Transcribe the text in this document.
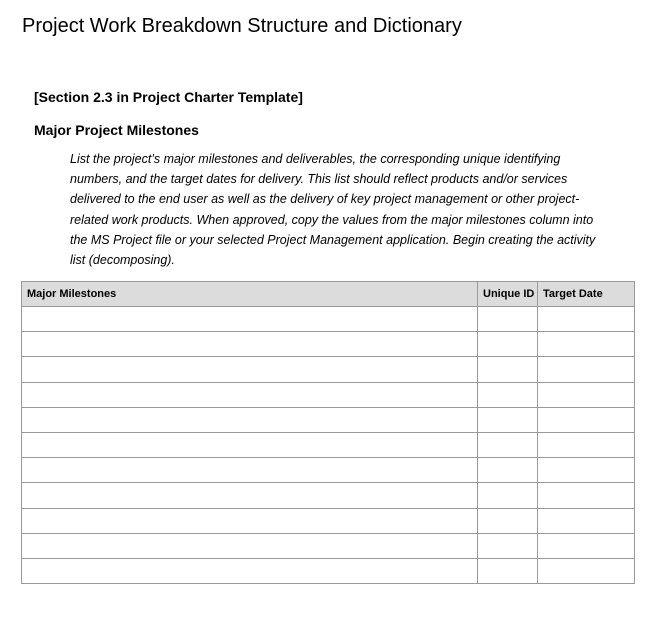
Project Work Breakdown Structure and Dictionary
[Section 2.3 in Project Charter Template]
Major Project Milestones

List the project’s major milestones and deliverables, the corresponding unique identifying
numbers, and the target dates for delivery. This list should reflect products and/or services
delivered to the end user as well as the delivery of key project management or other project-
related work products. When approved, copy the values from the major milestones column into
the MS Project file or your selected Project Management application. Begin creating the activity
list (decomposing).

Major Milestones	Unique ID	Target Date
